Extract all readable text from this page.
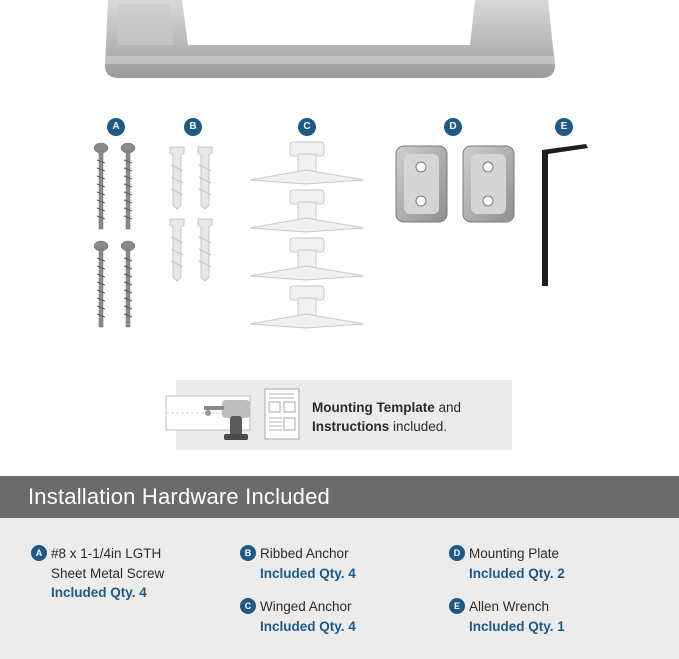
A	B	C	D	E
Mounting Template and
Instructions included.
Installation Hardware Included
A #8 x 1-1/4in LGTH
Sheet Metal Screw
Included Qty. 4
B Ribbed Anchor
Included Qty. 4
C Winged Anchor
Included Qty. 4
D Mounting Plate
Included Qty. 2
E Allen Wrench
Included Qty. 1
